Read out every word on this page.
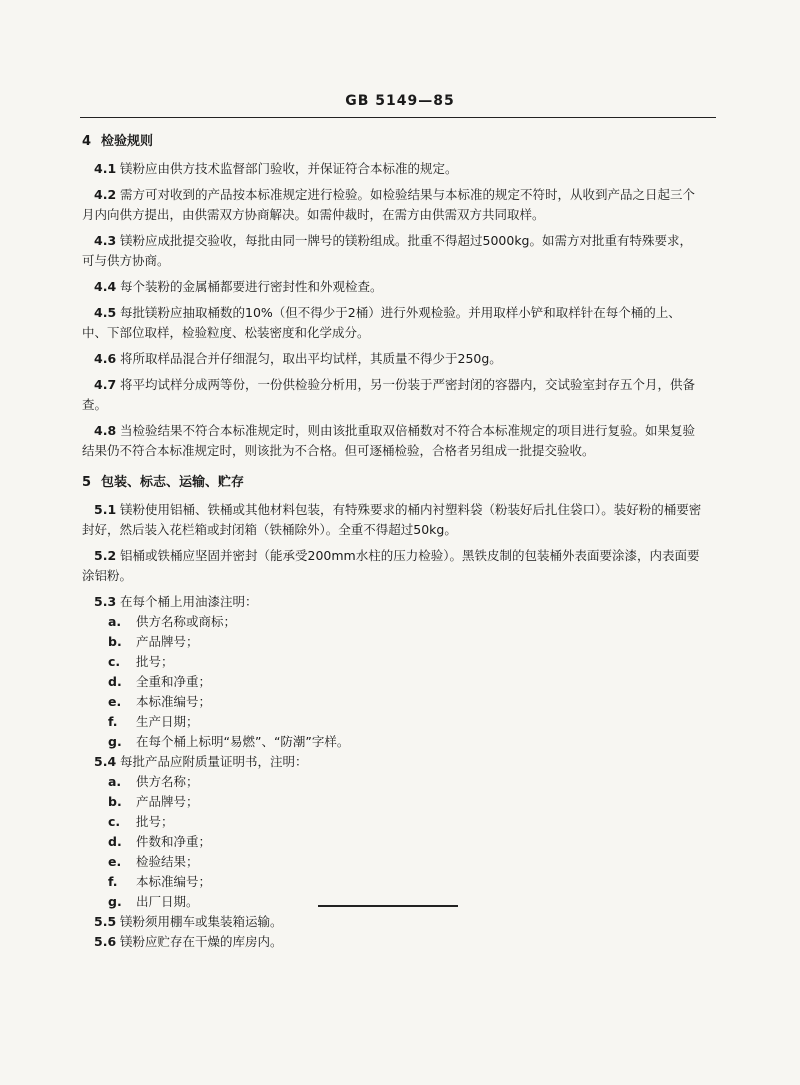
GB 5149—85
4 检验规则

4.1 镁粉应由供方技术监督部门验收，并保证符合本标准的规定。

4.2 需方可对收到的产品按本标准规定进行检验。如检验结果与本标准的规定不符时，从收到产品之日起三个月内向供方提出，由供需双方协商解决。如需仲裁时，在需方由供需双方共同取样。

4.3 镁粉应成批提交验收，每批由同一牌号的镁粉组成。批重不得超过5000kg。如需方对批重有特殊要求，可与供方协商。

4.4 每个装粉的金属桶都要进行密封性和外观检查。

4.5 每批镁粉应抽取桶数的10%（但不得少于2桶）进行外观检验。并用取样小铲和取样针在每个桶的上、中、下部位取样，检验粒度、松装密度和化学成分。

4.6 将所取样品混合并仔细混匀，取出平均试样，其质量不得少于250g。

4.7 将平均试样分成两等份，一份供检验分析用，另一份装于严密封闭的容器内，交试验室封存五个月，供备查。

4.8 当检验结果不符合本标准规定时，则由该批重取双倍桶数对不符合本标准规定的项目进行复验。如果复验结果仍不符合本标准规定时，则该批为不合格。但可逐桶检验，合格者另组成一批提交验收。

5 包装、标志、运输、贮存

5.1 镁粉使用铝桶、铁桶或其他材料包装，有特殊要求的桶内衬塑料袋（粉装好后扎住袋口）。装好粉的桶要密封好，然后装入花栏箱或封闭箱（铁桶除外）。全重不得超过50kg。

5.2 铝桶或铁桶应坚固并密封（能承受200mm水柱的压力检验）。黑铁皮制的包装桶外表面要涂漆，内表面要涂铝粉。

5.3 在每个桶上用油漆注明：
a. 供方名称或商标；
b. 产品牌号；
c. 批号；
d. 全重和净重；
e. 本标准编号；
f. 生产日期；
g. 在每个桶上标明“易燃”、“防潮”字样。
5.4 每批产品应附质量证明书，注明：
a. 供方名称；
b. 产品牌号；
c. 批号；
d. 件数和净重；
e. 检验结果；
f. 本标准编号；
g. 出厂日期。

5.5 镁粉须用棚车或集装箱运输。

5.6 镁粉应贮存在干燥的库房内。
